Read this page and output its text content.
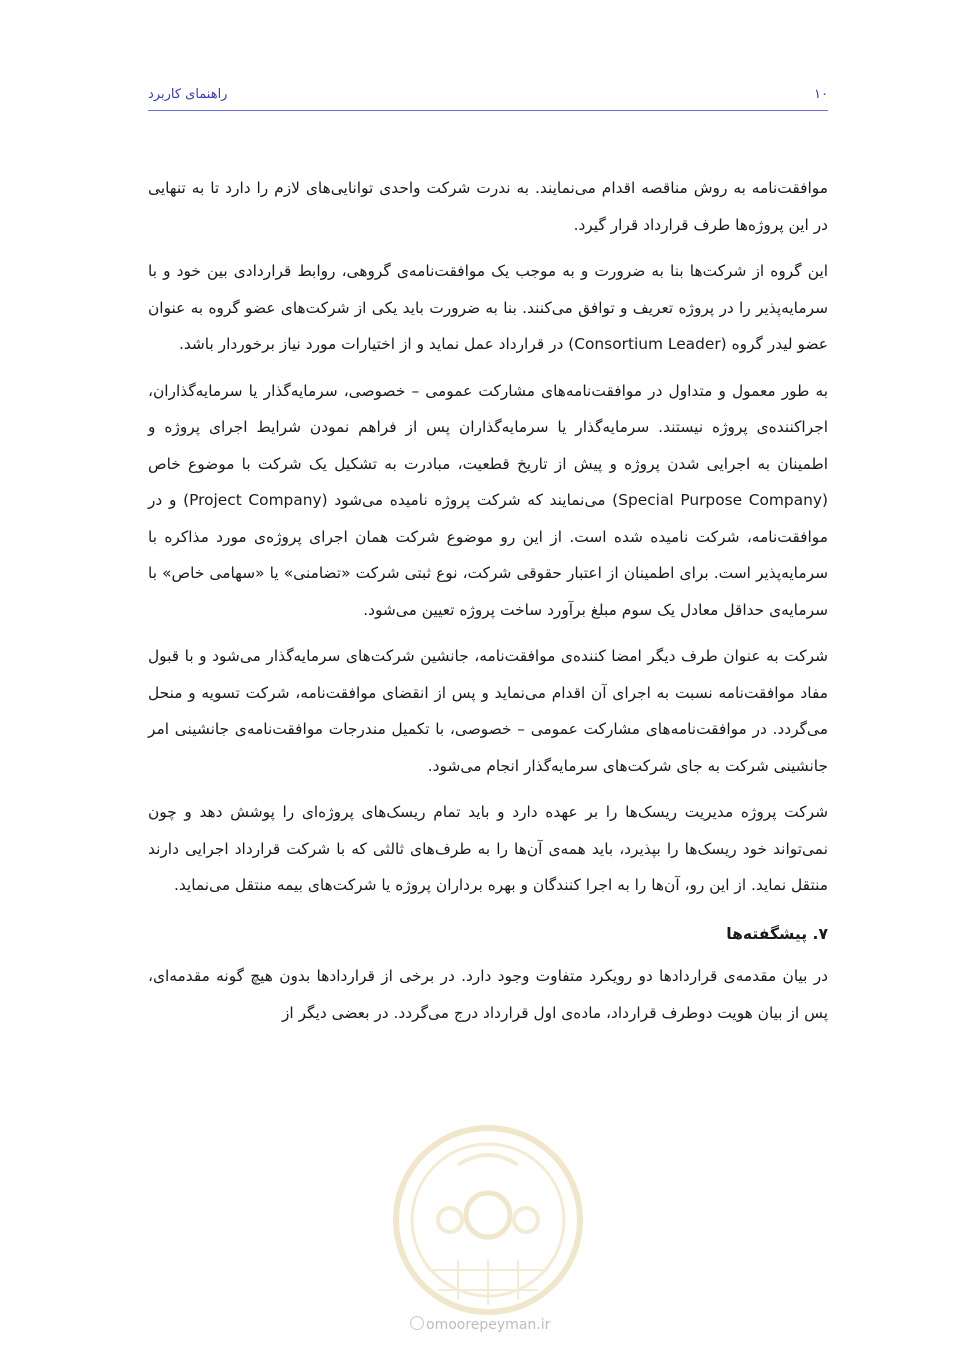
۱۰
راهنمای کاربرد

موافقت‌نامه به روش مناقصه اقدام می‌نمایند. به ندرت شرکت واحدی توانایی‌های لازم را دارد تا به تنهایی در این پروژه‌ها طرف قرارداد قرار گیرد.

این گروه از شرکت‌ها بنا به ضرورت و به موجب یک موافقت‌نامه‌ی گروهی، روابط قراردادی بین خود و با سرمایه‌پذیر را در پروژه تعریف و توافق می‌کنند. بنا به ضرورت باید یکی از شرکت‌های عضو گروه به عنوان عضو لیدر گروه (Consortium Leader) در قرارداد عمل نماید و از اختیارات مورد نیاز برخوردار باشد.

به طور معمول و متداول در موافقت‌نامه‌های مشارکت عمومی – خصوصی، سرمایه‌گذار یا سرمایه‌گذاران، اجراکننده‌ی پروژه نیستند. سرمایه‌گذار یا سرمایه‌گذاران پس از فراهم نمودن شرایط اجرای پروژه و اطمینان به اجرایی شدن پروژه و پیش از تاریخ قطعیت، مبادرت به تشکیل یک شرکت با موضوع خاص (Special Purpose Company) می‌نمایند که شرکت پروژه نامیده می‌شود (Project Company) و در موافقت‌نامه، شرکت نامیده شده است. از این رو موضوع شرکت همان اجرای پروژه‌ی مورد مذاکره با سرمایه‌پذیر است. برای اطمینان از اعتبار حقوقی شرکت، نوع ثبتی شرکت «تضامنی» یا «سهامی خاص» با سرمایه‌ی حداقل معادل یک سوم مبلغ برآورد ساخت پروژه تعیین می‌شود.

شرکت به عنوان طرف دیگر امضا کننده‌ی موافقت‌نامه، جانشین شرکت‌های سرمایه‌گذار می‌شود و با قبول مفاد موافقت‌نامه نسبت به اجرای آن اقدام می‌نماید و پس از انقضای موافقت‌نامه، شرکت تسویه و منحل می‌گردد. در موافقت‌نامه‌های مشارکت عمومی – خصوصی، با تکمیل مندرجات موافقت‌نامه‌ی جانشینی امر جانشینی شرکت به جای شرکت‌های سرمایه‌گذار انجام می‌شود.

شرکت پروژه مدیریت ریسک‌ها را بر عهده دارد و باید تمام ریسک‌های پروژه‌ای را پوشش دهد و چون نمی‌تواند خود ریسک‌ها را بپذیرد، باید همه‌ی آن‌ها را به طرف‌های ثالثی که با شرکت قرارداد اجرایی دارند منتقل نماید. از این رو، آن‌ها را به اجرا کنندگان و بهره برداران پروژه یا شرکت‌های بیمه منتقل می‌نماید.

۷. پیشگفته‌ها

در بیان مقدمه‌ی قراردادها دو رویکرد متفاوت وجود دارد. در برخی از قراردادها بدون هیچ گونه مقدمه‌ای، پس از بیان هویت دوطرف قرارداد، ماده‌ی اول قرارداد درج می‌گردد. در بعضی دیگر از

omoorepeyman.ir
